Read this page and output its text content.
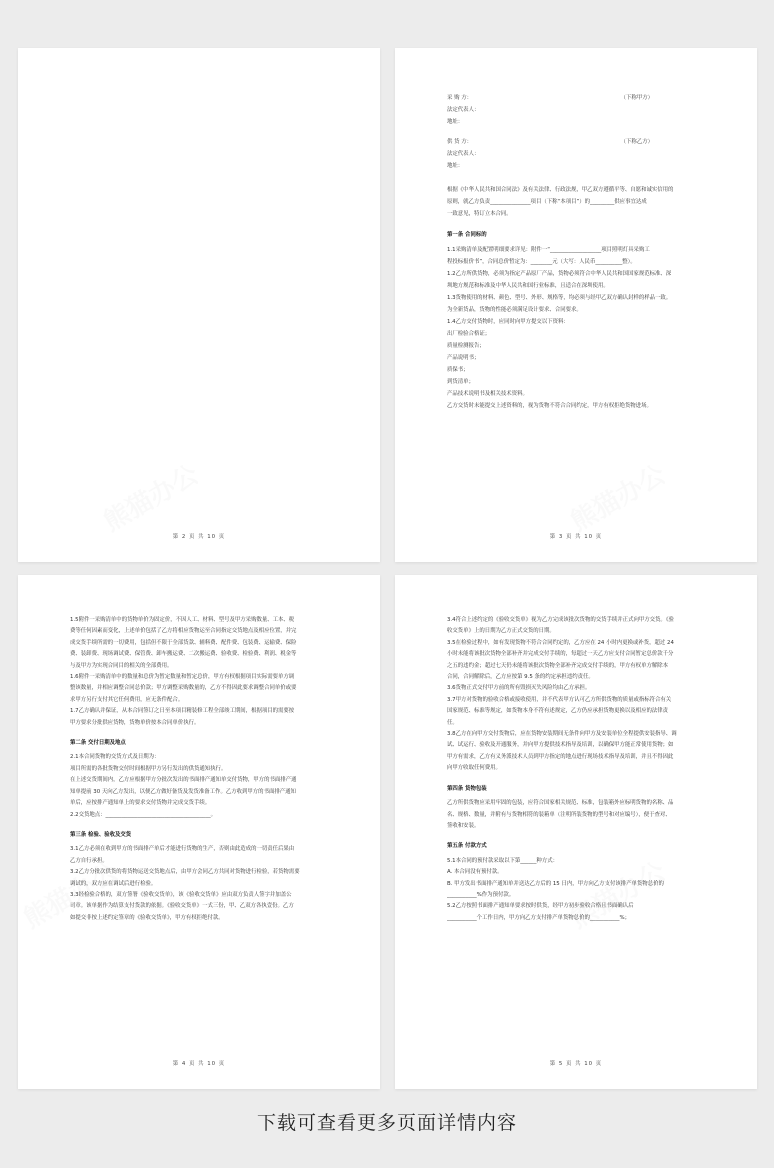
第 2 页 共 10 页
采 购 方：	（下称甲方）
法定代表人：
地址：
供 货 方：	（下称乙方）
法定代表人：
地址：
根据《中华人民共和国合同法》及有关法律、行政法规，甲乙双方遵循平等、自愿和诚实信用的
原则，就乙方负责_______________项目（下称“本项目”）的_________供应事宜达成
一致意见，特订立本合同。
第一条 合同标的
1.1采购清单及配置明细要求详见：附件一“___________________项目照明灯具采购工
程投标报价书”，合同总价暂定为：________元（大写：人民币__________整）。
1.2乙方所供货物，必须为指定产品原厂产品，货物必须符合中华人民共和国国家规范标准、深
圳地方规范和标准及中华人民共和国行业标准，且适合在深圳使用。
1.3货物使用的材料、颜色、型号、外形、规格等，均必须与经甲乙双方确认封样的样品一致。
为全新货品，货物的性能必须满足设计要求、合同要求。
1.4乙方交付货物时，应同时向甲方提交以下资料：
出厂检验合格证；
质量检测报告；
产品说明书；
质保书；
到货清单；
产品技术说明书及相关技术资料。
乙方交货时未能提交上述资料的，视为货物不符合合同约定，甲方有权拒绝货物进场。
第 3 页 共 10 页
1.5附件一采购清单中的货物单价为固定价，不因人工、材料、型号及甲方采购数量、工本、税
费等任何因素而变化，上述单价包括了乙方将相应货物运至合同指定交货地点及相应位置，并完
成交货手续所需的一切费用，包括但不限于全部货款、辅料费、配件费、包装费、运输费、保险
费、装卸费、现场调试费、保管费、卸车搬运费、二次搬运费、验收费、检验费、利润、税金等
与及甲方为实现合同目的相关的全部费用。
1.6附件一采购清单中的数量和总价为暂定数量和暂定总价，甲方有权根据项目实际需要单方调
整该数量，并相应调整合同总价款；甲方调整采购数量的，乙方不得因此要求调整合同单价或要
求甲方另行支付其它任何费用，应无条件配合。
1.7乙方确认并保证，从本合同签订之日至本项目精装修工程全部竣工期间，根据项目的需要按
甲方要求分批供应货物，货物单价按本合同单价执行。
第二条 交付日期及地点
2.1本合同货物的交货方式及日期为：
项目所需的各批货物交付时间根据甲方另行发出的供货通知执行。
在上述交货期间内，乙方应根据甲方分批次发出的书面排产通知单交付货物，甲方的书面排产通
知单提前 30 天向乙方发出，以便乙方做好备货及发货准备工作。乙方收到甲方的书面排产通知
单后，应按排产通知单上的要求交付货物并完成交货手续。
2.2交货地点：_______________________________________。
第三条 检验、验收及交货
3.1乙方必须在收到甲方的书面排产单后才能进行货物的生产，否则由此造成的一切责任后果由
乙方自行承担。
3.2乙方分批次供货的将货物运送交货地点后，由甲方会同乙方共同对货物进行检验，若货物需要
调试的，双方应在调试后进行检验。
3.3经检验合格的，双方签署《验收交货单》，该《验收交货单》应由双方负责人签字并加盖公
司章。该单据作为结算支付货款的依据。《验收交货单》一式三份，甲、乙双方各执壹份。乙方
如提交非按上述约定签章的《验收交货单》，甲方有权拒绝付款。
第 4 页 共 10 页
3.4符合上述约定的《验收交货单》视为乙方完成该批次货物的交货手续并正式向甲方交货。《验
收交货单》上的日期为乙方正式交货的日期。
3.5在检验过程中，如有发现货物不符合合同约定的，乙方应在 24 小时内更换或补货，超过 24
小时未能将该批次货物全部补齐并完成交付手续的，每超过一天乙方应支付合同暂定总价款千分
之五的违约金；超过七天仍未能将该批次货物全部补齐完成交付手续的，甲方有权单方解除本
合同，合同解除后，乙方应按第 9.5 条的约定承担违约责任。
3.6货物正式交付甲方前的所有毁损灭失风险均由乙方承担。
3.7甲方对货物的验收合格或接收使用，并不代表甲方认可乙方所供货物的质量或指标符合有关
国家规范、标准等规定，如货物本身不符有述规定，乙方仍应承担货物更换以及相应的法律责
任。
3.8乙方在向甲方交付货物后，应在货物安装期间无条件向甲方及安装单位全程提供安装指导、调
试、试运行、验收及开通服务，并向甲方提供技术指导及培训，以确保甲方能正常使用货物；如
甲方有需求，乙方有义务派技术人员到甲方指定的地点进行现场技术指导及培训，并且不得因此
向甲方收取任何费用。
第四条 货物包装
乙方所供货物应采用牢固的包装，应符合国家相关规范、标准，包装箱外应标明货物的名称、品
名、规格、数量，并附有与货物相符的装箱单（注明所装货物的型号和对应编号），便于查对、
签收和安装。
第五条 付款方式
5.1本合同的预付款采取以下第______种方式：
A. 本合同没有预付款。
B. 甲方发出书面排产通知单并送达乙方后的 15 日内，甲方向乙方支付该排产单货物总价的
___________%作为预付款。
5.2乙方按照书面排产通知单要求按时供货，经甲方初步验收合格且书面确认后
___________个工作日内，甲方向乙方支付排产单货物总价的___________%；
第 5 页 共 10 页
下载可查看更多页面详情内容
